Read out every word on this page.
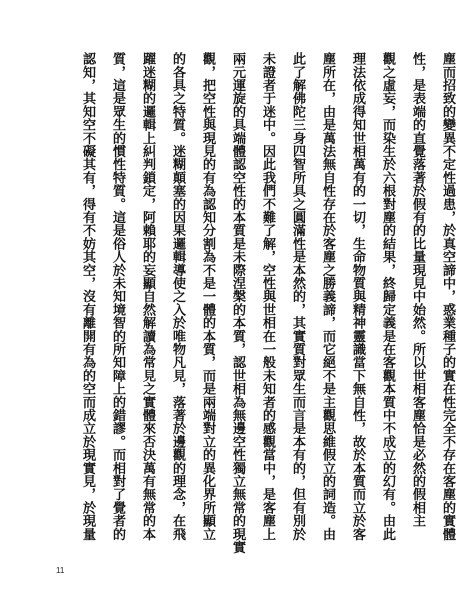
塵而招致的變異不定性過患，於真空諦中，惑業種子的實在性完全不存在客塵的實體
性，是表端的直覺落著於假有的比量現見中始然。所以世相客塵恰是必然的假相主
觀之虛妄，而染生於六根對塵的結果，終歸定義是在客觀本質中不成立的幻有。由此
理法依成得知世相萬有的一切，生命物質與精神靈識當下無自性，故於本質而立於客
塵所在，由是萬法無自性存在於客塵之勝義諦，而它絕不是主觀思維假立的詞造。由
此了解佛陀三身四智所具之圓滿性是本然的，其實質對眾生而言是本有的，但有別於
未證者于迷中。因此我們不難了解，空性與世相在一般未知者的感觀當中，是客塵上
兩元運旋的具端體認空性的本質是未際涅槃的本質，認世相為無邊空性獨立無常的現實
觀，把空性與現見的有為認知分割為不是一體的本質，而是兩端對立的異化界所顯立
的各具之特質。迷糊顛塞的因果邏輯導使之入於唯物凡見，落著於邊觀的理念，在飛
躍迷糊的邏輯上糾判鎖定，阿賴耶的妄顯自然解讀為常見之實體來否決萬有無常的本
質，這是眾生的慣性特質。這是俗人於未知境智的所知障上的錯謬。而相對了覺者的
認知，其知空不礙其有，得有不妨其空，沒有離開有為的空而成立於現實見，於現量
11
